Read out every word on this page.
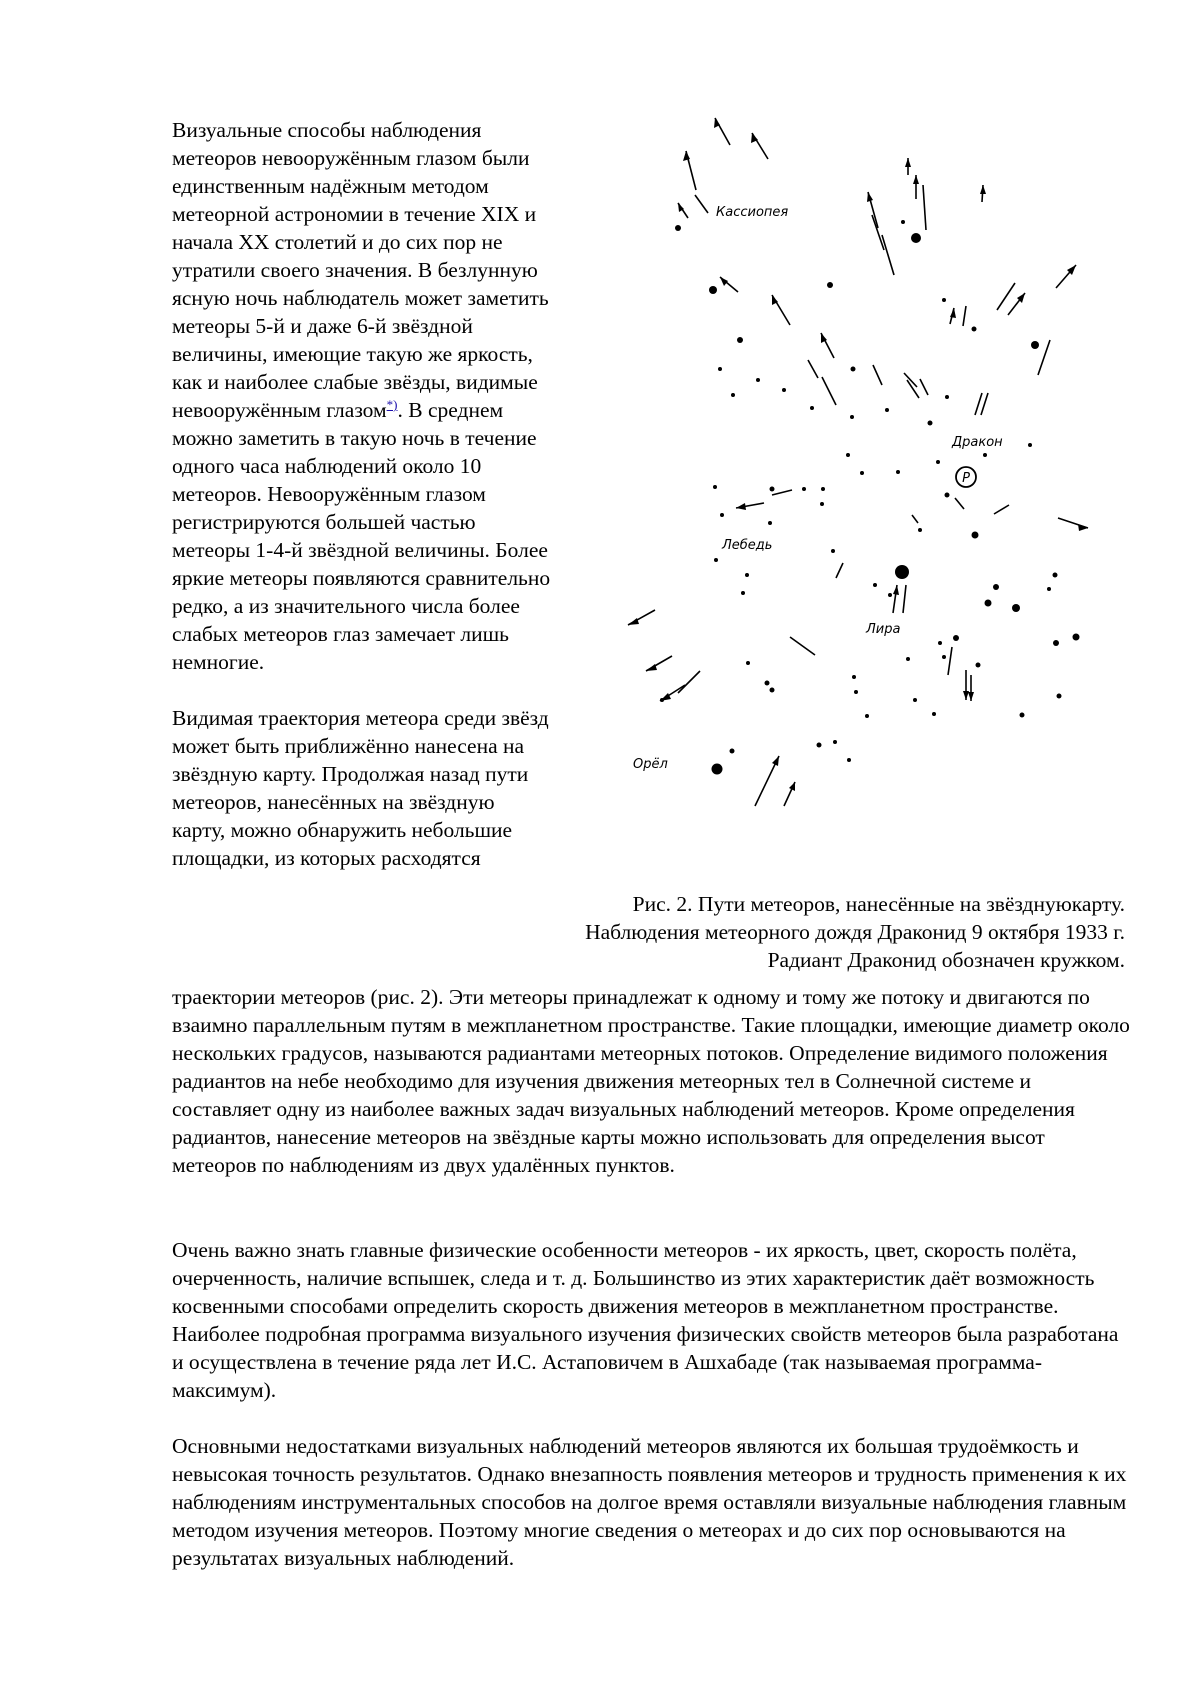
Визуальные способы наблюдения метеоров невооружённым глазом были единственным надёжным методом метеорной астрономии в течение XIX и начала XX столетий и до сих пор не утратили своего значения. В безлунную ясную ночь наблюдатель может заметить метеоры 5-й и даже 6-й звёздной величины, имеющие такую же яркость, как и наиболее слабые звёзды, видимые невооружённым глазом*). В среднем можно заметить в такую ночь в течение одного часа наблюдений около 10 метеоров. Невооружённым глазом регистрируются большей частью метеоры 1-4-й звёздной величины. Более яркие метеоры появляются сравнительно редко, а из значительного числа более слабых метеоров глаз замечает лишь немногие.

Видимая траектория метеора среди звёзд может быть приближённо нанесена на звёздную карту. Продолжая назад пути метеоров, нанесённых на звёздную карту, можно обнаружить небольшие площадки, из которых расходятся

P
Кассиопея
Дракон
Лебедь
Лира
Орёл
Рис. 2. Пути метеоров, нанесённые на звёзднуюкарту. Наблюдения метеорного дождя Драконид 9 октября 1933 г. Радиант Драконид обозначен кружком.
траектории метеоров (рис. 2). Эти метеоры принадлежат к одному и тому же потоку и двигаются по взаимно параллельным путям в межпланетном пространстве. Такие площадки, имеющие диаметр около нескольких градусов, называются радиантами метеорных потоков. Определение видимого положения радиантов на небе необходимо для изучения движения метеорных тел в Солнечной системе и составляет одну из наиболее важных задач визуальных наблюдений метеоров. Кроме определения радиантов, нанесение метеоров на звёздные карты можно использовать для определения высот метеоров по наблюдениям из двух удалённых пунктов.
Очень важно знать главные физические особенности метеоров - их яркость, цвет, скорость полёта, очерченность, наличие вспышек, следа и т. д. Большинство из этих характеристик даёт возможность косвенными способами определить скорость движения метеоров в межпланетном пространстве. Наиболее подробная программа визуального изучения физических свойств метеоров была разработана и осуществлена в течение ряда лет И.С. Астаповичем в Ашхабаде (так называемая программа-максимум).
Основными недостатками визуальных наблюдений метеоров являются их большая трудоёмкость и невысокая точность результатов. Однако внезапность появления метеоров и трудность применения к их наблюдениям инструментальных способов на долгое время оставляли визуальные наблюдения главным методом изучения метеоров. Поэтому многие сведения о метеорах и до сих пор основываются на результатах визуальных наблюдений.
